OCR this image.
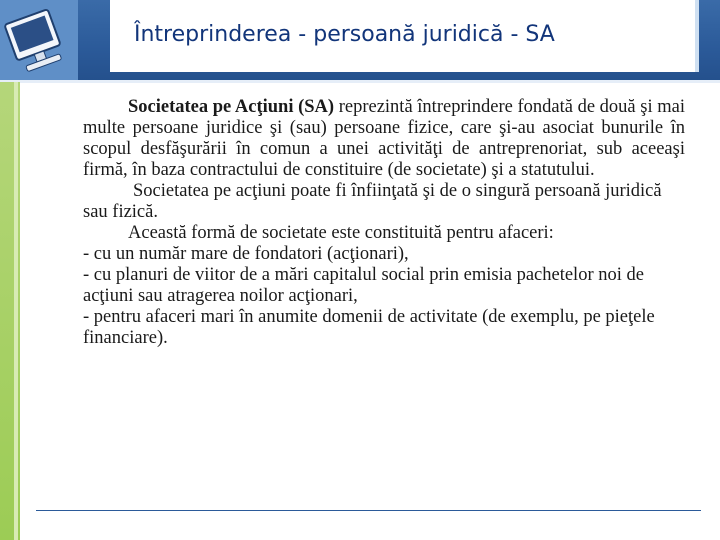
Întreprinderea - persoană juridică - SA

Societatea pe Acţiuni (SA) reprezintă întreprindere fondată de două şi mai multe persoane juridice şi (sau) persoane fizice, care şi-au asociat bunurile în scopul desfăşurării în comun a unei activităţi de antreprenoriat, sub aceeaşi firmă, în baza contractului de constituire (de societate) şi a statutului.

Societatea pe acţiuni poate fi înfiinţată şi de o singură persoană juridică sau fizică.

Această formă de societate este constituită pentru afaceri:

- cu un număr mare de fondatori (acţionari),

- cu planuri de viitor de a mări capitalul social prin emisia pachetelor noi de acţiuni sau atragerea noilor acţionari,

- pentru afaceri mari în anumite domenii de activitate (de exemplu, pe pieţele financiare).
